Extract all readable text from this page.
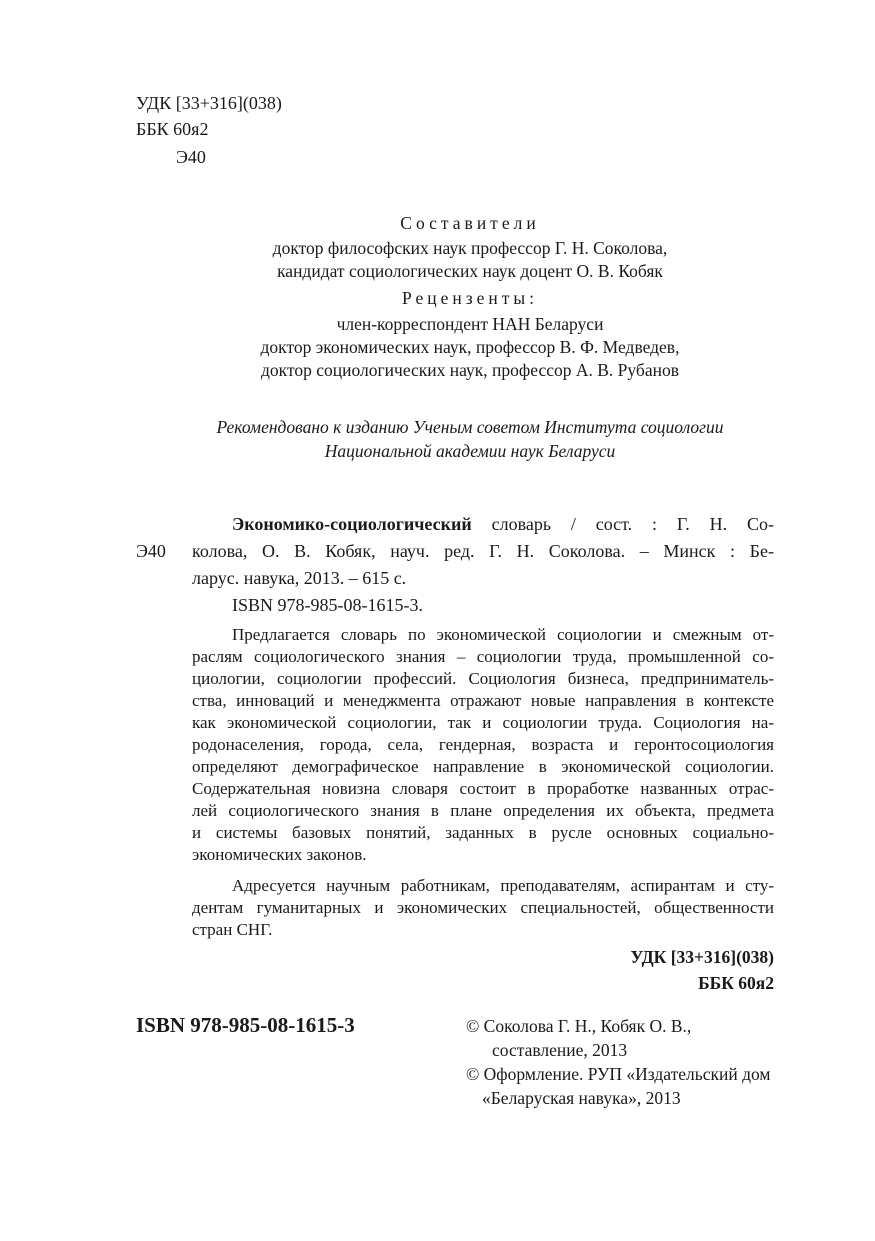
УДК [33+316](038)
ББК 60я2
Э40
Составители
доктор философских наук профессор Г. Н. Соколова,
кандидат социологических наук доцент О. В. Кобяк
Рецензенты:
член-корреспондент НАН Беларуси
доктор экономических наук, профессор В. Ф. Медведев,
доктор социологических наук, профессор А. В. Рубанов
Рекомендовано к изданию Ученым советом Института социологии
Национальной академии наук Беларуси
Э40
Экономико-социологический словарь / сост. : Г. Н. Со-
колова, О. В. Кобяк, науч. ред. Г. Н. Соколова. – Минск : Бе-
ларус. навука, 2013. – 615 с.
ISBN 978-985-08-1615-3.
Предлагается словарь по экономической социологии и смежным от-
раслям социологического знания – социологии труда, промышленной со-
циологии, социологии профессий. Социология бизнеса, предприниматель-
ства, инноваций и менеджмента отражают новые направления в контексте
как экономической социологии, так и социологии труда. Социология на-
родонаселения, города, села, гендерная, возраста и геронтосоциология
определяют демографическое направление в экономической социологии.
Содержательная новизна словаря состоит в проработке названных отрас-
лей социологического знания в плане определения их объекта, предмета
и системы базовых понятий, заданных в русле основных социально-
экономических законов.
Адресуется научным работникам, преподавателям, аспирантам и сту-
дентам гуманитарных и экономических специальностей, общественности
стран СНГ.
УДК [33+316](038)
ББК 60я2
ISBN 978-985-08-1615-3	© Соколова Г. Н., Кобяк О. В.,
составление, 2013
© Оформление. РУП «Издательский дом
«Беларуская навука», 2013
